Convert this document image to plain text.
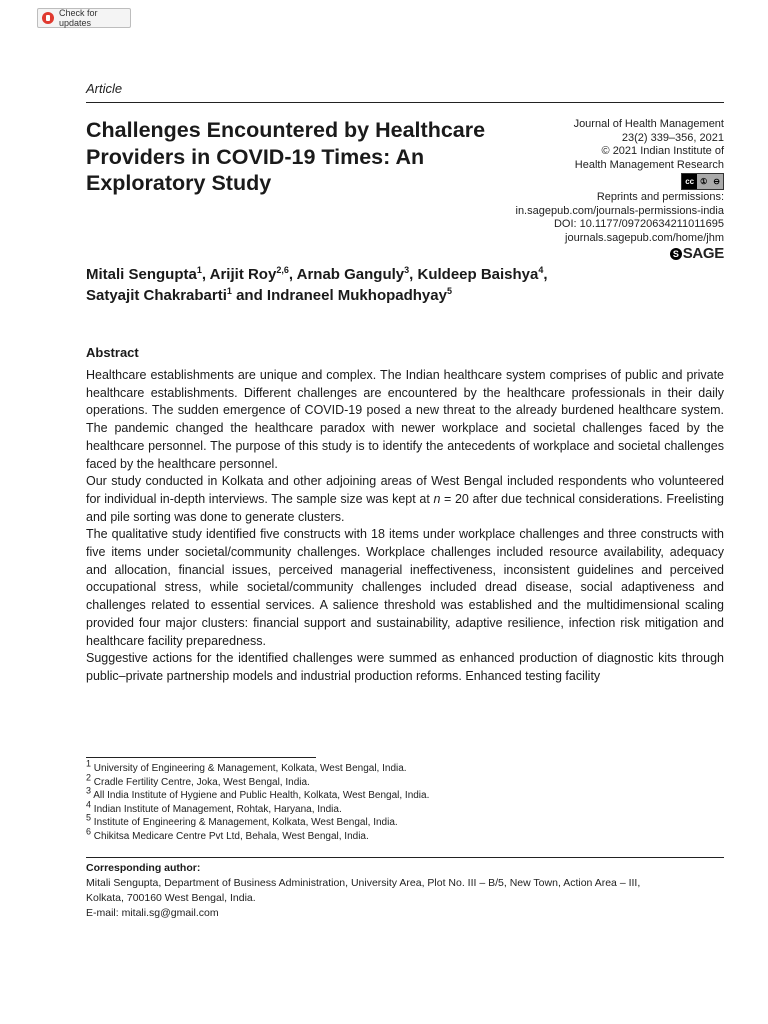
Check for updates
Article
Challenges Encountered by Healthcare Providers in COVID-19 Times: An Exploratory Study
Journal of Health Management
23(2) 339–356, 2021
© 2021 Indian Institute of
Health Management Research
cc ① ⊖
Reprints and permissions:
in.sagepub.com/journals-permissions-india
DOI: 10.1177/09720634211011695
journals.sagepub.com/home/jhm
S SAGE
Mitali Sengupta$^1$, Arijit Roy$^{2,6}$, Arnab Ganguly$^3$, Kuldeep Baishya$^4$,
Satyajit Chakrabarti$^1$ and Indraneel Mukhopadhyay$^5$
Abstract

Healthcare establishments are unique and complex. The Indian healthcare system comprises of public and private healthcare establishments. Different challenges are encountered by the healthcare professionals in their daily operations. The sudden emergence of COVID-19 posed a new threat to the already burdened healthcare system. The pandemic changed the healthcare paradox with newer workplace and societal challenges faced by the healthcare personnel. The purpose of this study is to identify the antecedents of workplace and societal challenges faced by the healthcare personnel.

Our study conducted in Kolkata and other adjoining areas of West Bengal included respondents who volunteered for individual in-depth interviews. The sample size was kept at n = 20 after due technical considerations. Freelisting and pile sorting was done to generate clusters.

The qualitative study identified five constructs with 18 items under workplace challenges and three constructs with five items under societal/community challenges. Workplace challenges included resource availability, adequacy and allocation, financial issues, perceived managerial ineffectiveness, inconsistent guidelines and perceived occupational stress, while societal/community challenges included dread disease, social adaptiveness and challenges related to essential services. A salience threshold was established and the multidimensional scaling provided four major clusters: financial support and sustainability, adaptive resilience, infection risk mitigation and healthcare facility preparedness.

Suggestive actions for the identified challenges were summed as enhanced production of diagnostic kits through public–private partnership models and industrial production reforms. Enhanced testing facility

$^1$ University of Engineering & Management, Kolkata, West Bengal, India.
$^2$ Cradle Fertility Centre, Joka, West Bengal, India.
$^3$ All India Institute of Hygiene and Public Health, Kolkata, West Bengal, India.
$^4$ Indian Institute of Management, Rohtak, Haryana, India.
$^5$ Institute of Engineering & Management, Kolkata, West Bengal, India.
$^6$ Chikitsa Medicare Centre Pvt Ltd, Behala, West Bengal, India.
Corresponding author:
Mitali Sengupta, Department of Business Administration, University Area, Plot No. III – B/5, New Town, Action Area – III,
Kolkata, 700160 West Bengal, India.
E-mail: mitali.sg@gmail.com
